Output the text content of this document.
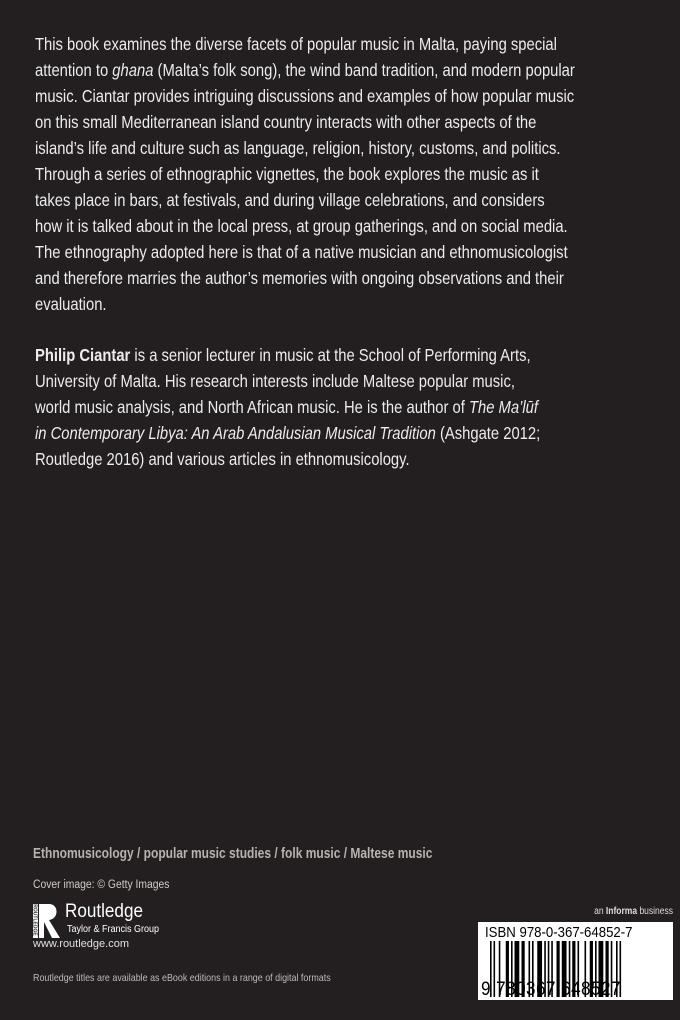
This book examines the diverse facets of popular music in Malta, paying special
attention to ghana (Malta’s folk song), the wind band tradition, and modern popular
music. Ciantar provides intriguing discussions and examples of how popular music
on this small Mediterranean island country interacts with other aspects of the
island’s life and culture such as language, religion, history, customs, and politics.
Through a series of ethnographic vignettes, the book explores the music as it
takes place in bars, at festivals, and during village celebrations, and considers
how it is talked about in the local press, at group gatherings, and on social media.
The ethnography adopted here is that of a native musician and ethnomusicologist
and therefore marries the author’s memories with ongoing observations and their
evaluation.
Philip Ciantar is a senior lecturer in music at the School of Performing Arts,
University of Malta. His research interests include Maltese popular music,
world music analysis, and North African music. He is the author of The Ma’lūf
in Contemporary Libya: An Arab Andalusian Musical Tradition (Ashgate 2012;
Routledge 2016) and various articles in ethnomusicology.
Ethnomusicology / popular music studies / folk music / Maltese music
Cover image: © Getty Images
ROUTLEDGE Routledge
Taylor & Francis Group
www.routledge.com
Routledge titles are available as eBook editions in a range of digital formats
an Informa business
ISBN 978-0-367-64852-7
9 780367 648527
